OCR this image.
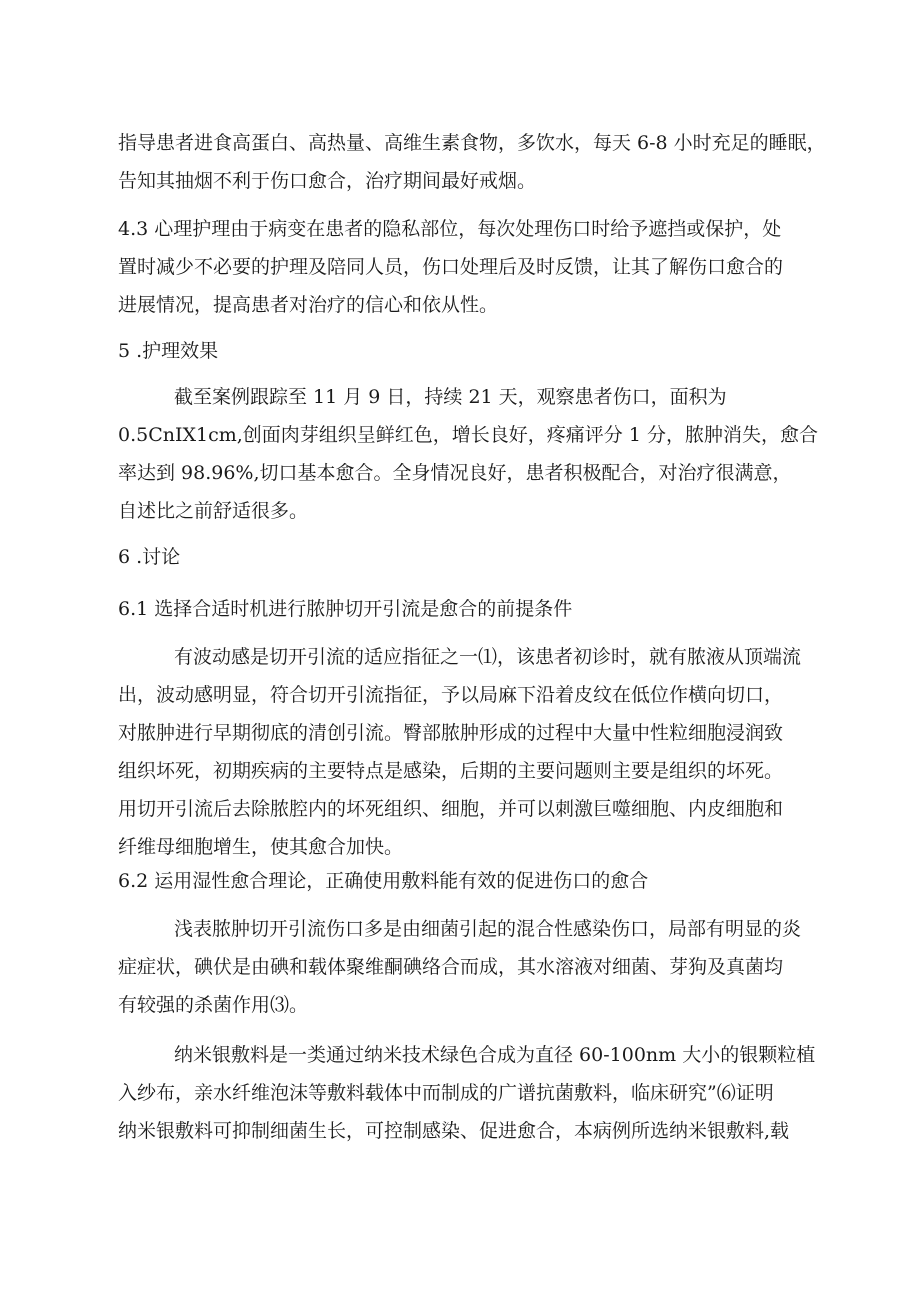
指导患者进食高蛋白、高热量、高维生素食物，多饮水，每天 6-8 小时充足的睡眠，
告知其抽烟不利于伤口愈合，治疗期间最好戒烟。
4.3 心理护理由于病变在患者的隐私部位，每次处理伤口时给予遮挡或保护，处
置时减少不必要的护理及陪同人员，伤口处理后及时反馈，让其了解伤口愈合的
进展情况，提高患者对治疗的信心和依从性。
5 .护理效果
截至案例跟踪至 11 月 9 日，持续 21 天，观察患者伤口，面积为
0.5CnIX1cm,创面肉芽组织呈鲜红色，增长良好，疼痛评分 1 分，脓肿消失，愈合
率达到 98.96%,切口基本愈合。全身情况良好，患者积极配合，对治疗很满意，
自述比之前舒适很多。
6 .讨论
6.1 选择合适时机进行脓肿切开引流是愈合的前提条件
有波动感是切开引流的适应指征之一⑴，该患者初诊时，就有脓液从顶端流
出，波动感明显，符合切开引流指征，予以局麻下沿着皮纹在低位作横向切口，
对脓肿进行早期彻底的清创引流。臀部脓肿形成的过程中大量中性粒细胞浸润致
组织坏死，初期疾病的主要特点是感染，后期的主要问题则主要是组织的坏死。
用切开引流后去除脓腔内的坏死组织、细胞，并可以刺激巨噬细胞、内皮细胞和
纤维母细胞增生，使其愈合加快。
6.2 运用湿性愈合理论，正确使用敷料能有效的促进伤口的愈合
浅表脓肿切开引流伤口多是由细菌引起的混合性感染伤口，局部有明显的炎
症症状，碘伏是由碘和载体聚维酮碘络合而成，其水溶液对细菌、芽狗及真菌均
有较强的杀菌作用⑶。
纳米银敷料是一类通过纳米技术绿色合成为直径 60-100nm 大小的银颗粒植
入纱布，亲水纤维泡沫等敷料载体中而制成的广谱抗菌敷料，临床研究”⑹证明
纳米银敷料可抑制细菌生长，可控制感染、促进愈合，本病例所选纳米银敷料,载
